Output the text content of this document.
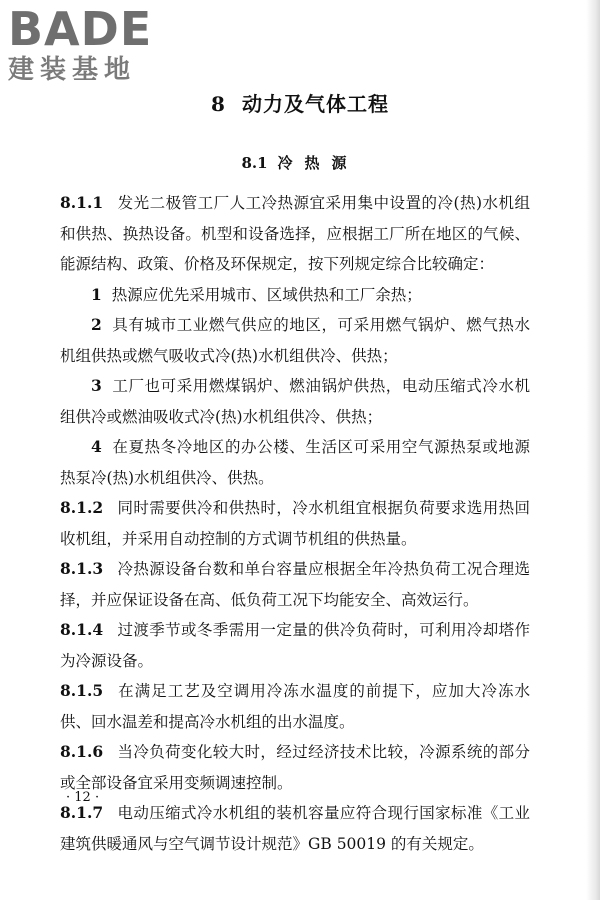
BADE
建装基地
8 动力及气体工程
8.1 冷热源

8.1.1 发光二极管工厂人工冷热源宜采用集中设置的冷(热)水机组和供热、换热设备。机型和设备选择，应根据工厂所在地区的气候、能源结构、政策、价格及环保规定，按下列规定综合比较确定：

1 热源应优先采用城市、区域供热和工厂余热；

2 具有城市工业燃气供应的地区，可采用燃气锅炉、燃气热水机组供热或燃气吸收式冷(热)水机组供冷、供热；

3 工厂也可采用燃煤锅炉、燃油锅炉供热，电动压缩式冷水机组供冷或燃油吸收式冷(热)水机组供冷、供热；

4 在夏热冬冷地区的办公楼、生活区可采用空气源热泵或地源热泵冷(热)水机组供冷、供热。

8.1.2 同时需要供冷和供热时，冷水机组宜根据负荷要求选用热回收机组，并采用自动控制的方式调节机组的供热量。

8.1.3 冷热源设备台数和单台容量应根据全年冷热负荷工况合理选择，并应保证设备在高、低负荷工况下均能安全、高效运行。

8.1.4 过渡季节或冬季需用一定量的供冷负荷时，可利用冷却塔作为冷源设备。

8.1.5 在满足工艺及空调用冷冻水温度的前提下，应加大冷冻水供、回水温差和提高冷水机组的出水温度。

8.1.6 当冷负荷变化较大时，经过经济技术比较，冷源系统的部分或全部设备宜采用变频调速控制。

8.1.7 电动压缩式冷水机组的装机容量应符合现行国家标准《工业建筑供暖通风与空气调节设计规范》GB 50019 的有关规定。

· 12 ·
